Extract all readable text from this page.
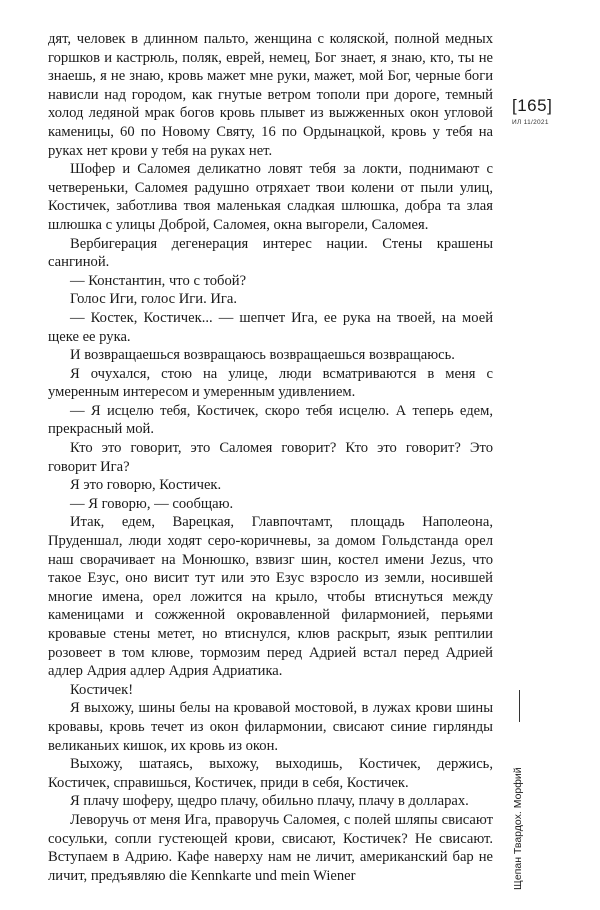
дят, человек в длинном пальто, женщина с коляской, полной медных горшков и кастрюль, поляк, еврей, немец, Бог знает, я знаю, кто, ты не знаешь, я не знаю, кровь мажет мне руки, мажет, мой Бог, черные боги нависли над городом, как гнутые ветром тополи при дороге, темный холод ледяной мрак богов кровь плывет из выжженных окон угловой каменицы, 60 по Новому Святу, 16 по Ордынацкой, кровь у тебя на руках нет крови у тебя на руках нет.

Шофер и Саломея деликатно ловят тебя за локти, поднимают с четвереньки, Саломея радушно отряхает твои колени от пыли улиц, Костичек, заботлива твоя маленькая сладкая шлюшка, добра та злая шлюшка с улицы Доброй, Саломея, окна выгорели, Саломея.

Вербигерация дегенерация интерес нации. Стены крашены сангиной.

— Константин, что с тобой?

Голос Иги, голос Иги. Ига.

— Костек, Костичек... — шепчет Ига, ее рука на твоей, на моей щеке ее рука.

И возвращаешься возвращаюсь возвращаешься возвращаюсь.

Я очухался, стою на улице, люди всматриваются в меня с умеренным интересом и умеренным удивлением.

— Я исцелю тебя, Костичек, скоро тебя исцелю. А теперь едем, прекрасный мой.

Кто это говорит, это Саломея говорит? Кто это говорит? Это говорит Ига?

Я это говорю, Костичек.

— Я говорю, — сообщаю.

Итак, едем, Варецкая, Главпочтамт, площадь Наполеона, Пруденшал, люди ходят серо-коричневы, за домом Гольдстанда орел наш сворачивает на Монюшко, взвизг шин, костел имени Jezus, что такое Езус, оно висит тут или это Езус взросло из земли, носившей многие имена, орел ложится на крыло, чтобы втиснуться между каменицами и сожженной окровавленной филармонией, перьями кровавые стены метет, но втиснулся, клюв раскрыт, язык рептилии розовеет в том клюве, тормозим перед Адрией встал перед Адрией адлер Адрия адлер Адрия Адриатика.

Костичек!

Я выхожу, шины белы на кровавой мостовой, в лужах крови шины кровавы, кровь течет из окон филармонии, свисают синие гирлянды великаньих кишок, их кровь из окон.

Выхожу, шатаясь, выхожу, выходишь, Костичек, держись, Костичек, справишься, Костичек, приди в себя, Костичек.

Я плачу шоферу, щедро плачу, обильно плачу, плачу в долларах.

Леворучь от меня Ига, праворучь Саломея, с полей шляпы свисают сосульки, сопли густеющей крови, свисают, Костичек? Не свисают. Вступаем в Адрию. Кафе наверху нам не личит, американский бар не личит, предъявляю die Kennkarte und mein Wiener

[165]
ИЛ 11/2021
Щепан Твардох. Морфий
